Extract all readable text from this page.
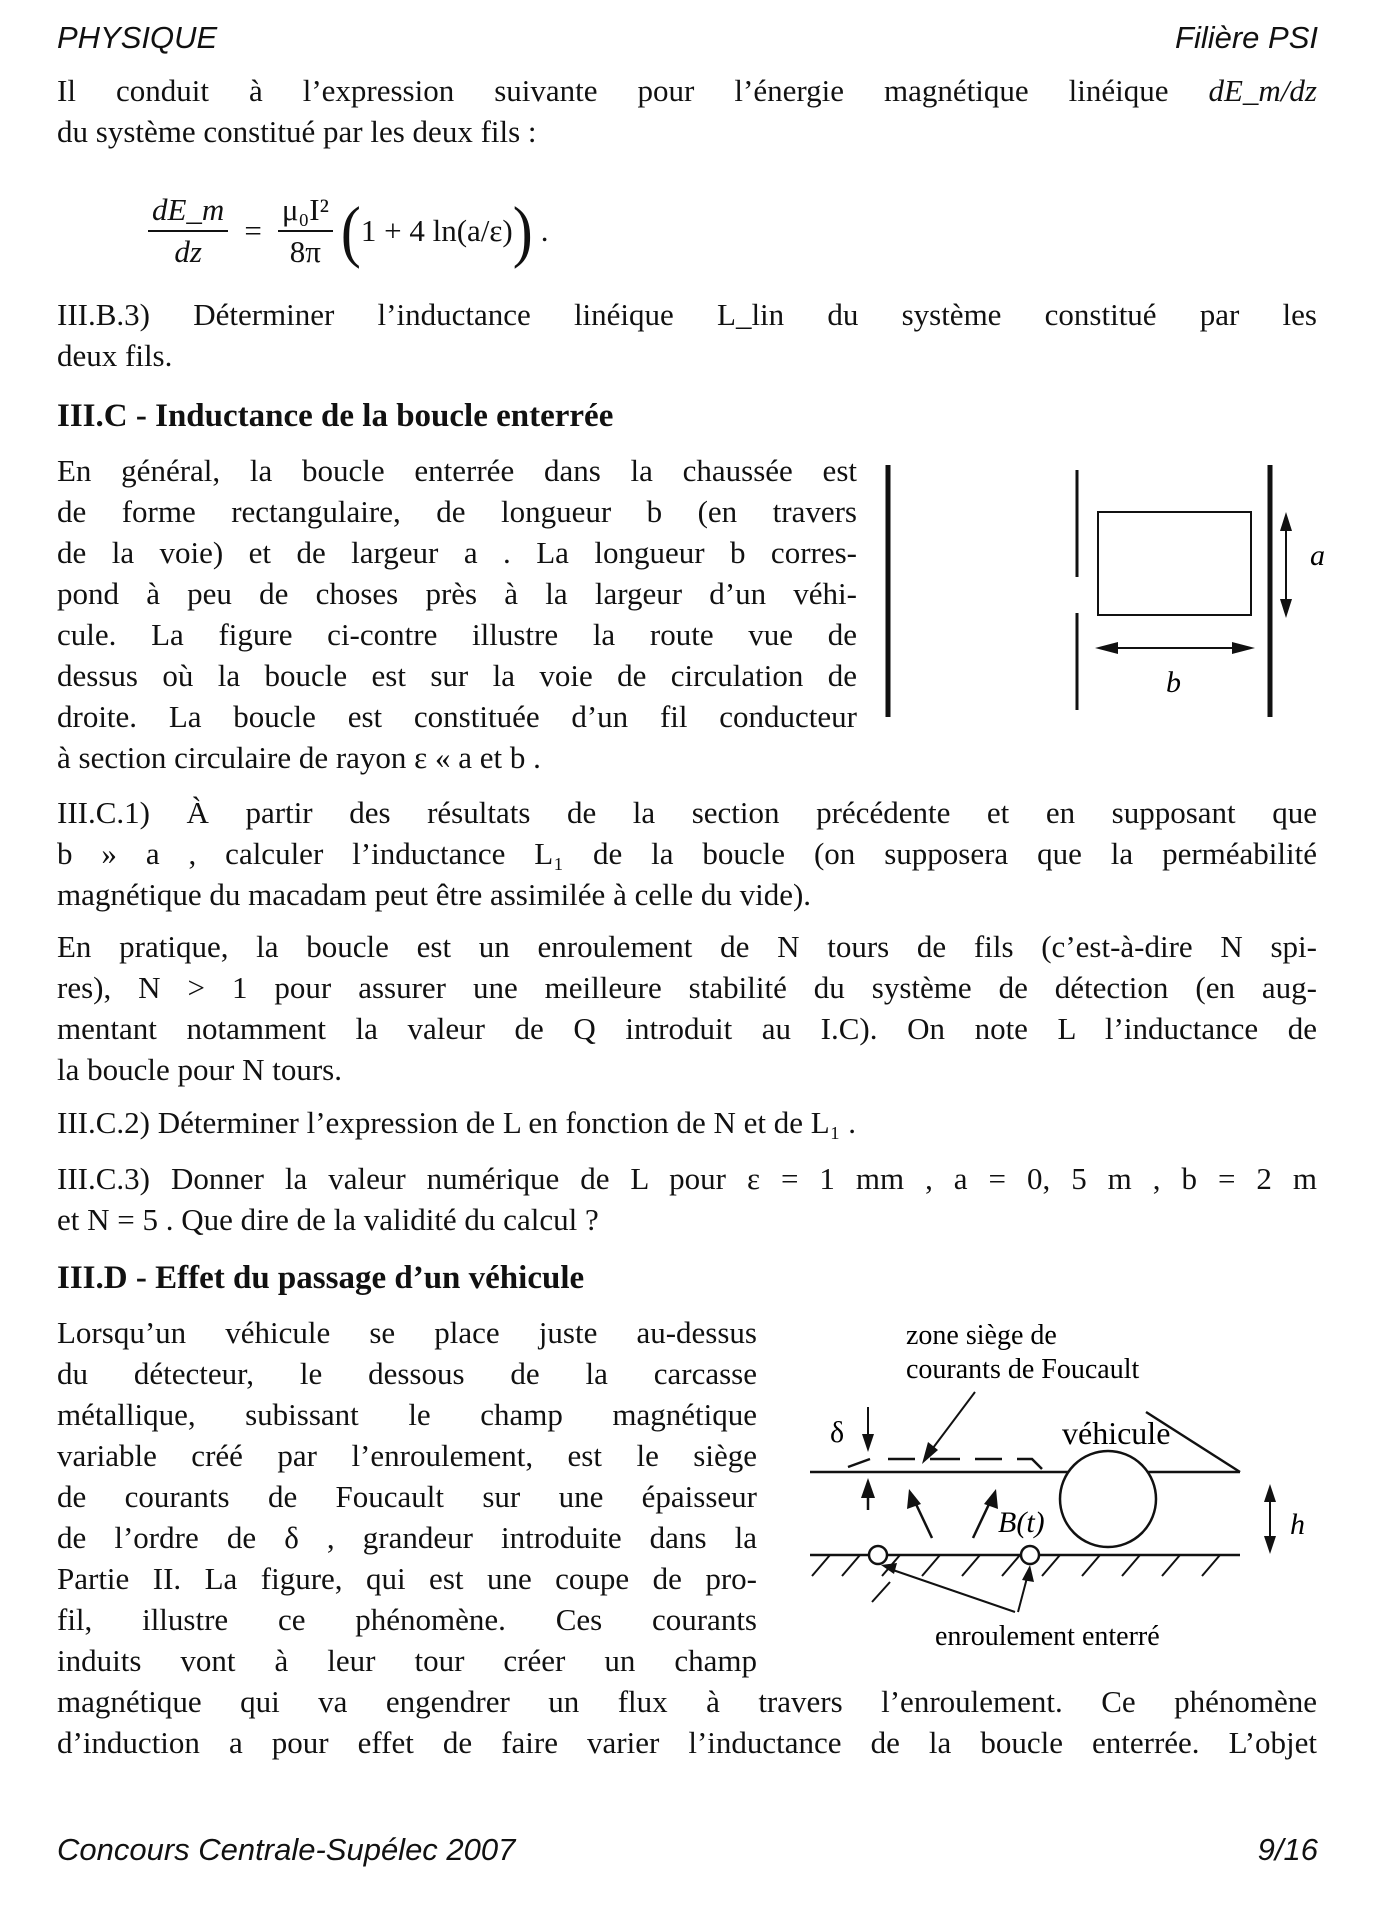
PHYSIQUE	Filière PSI
Il conduit à l’expression suivante pour l’énergie magnétique linéique dE_m/dz
du système constitué par les deux fils :
$\frac{dE\_m}{dz} = \frac{\text{μ₀I²}}{8\pi}$ ( 1 + 4 ln(a/ε) ) .
III.B.3) Déterminer l’inductance linéique L_lin du système constitué par les
deux fils.
III.C - Inductance de la boucle enterrée
En général, la boucle enterrée dans la chaussée est
de forme rectangulaire, de longueur b (en travers
de la voie) et de largeur a . La longueur b corres-
pond à peu de choses près à la largeur d’un véhi-
cule. La figure ci-contre illustre la route vue de
dessus où la boucle est sur la voie de circulation de
droite. La boucle est constituée d’un fil conducteur
à section circulaire de rayon ε « a et b .
a
b
III.C.1) À partir des résultats de la section précédente et en supposant que
b » a , calculer l’inductance L₁ de la boucle (on supposera que la perméabilité
magnétique du macadam peut être assimilée à celle du vide).
En pratique, la boucle est un enroulement de N tours de fils (c’est-à-dire N spi-
res), N > 1 pour assurer une meilleure stabilité du système de détection (en aug-
mentant notamment la valeur de Q introduit au I.C). On note L l’inductance de
la boucle pour N tours.
III.C.2) Déterminer l’expression de L en fonction de N et de L₁ .
III.C.3) Donner la valeur numérique de L pour ε = 1 mm , a = 0, 5 m , b = 2 m
et N = 5 . Que dire de la validité du calcul ?
III.D - Effet du passage d’un véhicule
Lorsqu’un véhicule se place juste au-dessus
du détecteur, le dessous de la carcasse
métallique, subissant le champ magnétique
variable créé par l’enroulement, est le siège
de courants de Foucault sur une épaisseur
de l’ordre de δ , grandeur introduite dans la
Partie II. La figure, qui est une coupe de pro-
fil, illustre ce phénomène. Ces courants
induits vont à leur tour créer un champ
zone siège de
courants de Foucault
δ	véhicule
B(t)	h
enroulement enterré
magnétique qui va engendrer un flux à travers l’enroulement. Ce phénomène
d’induction a pour effet de faire varier l’inductance de la boucle enterrée. L’objet
Concours Centrale-Supélec 2007	9/16
